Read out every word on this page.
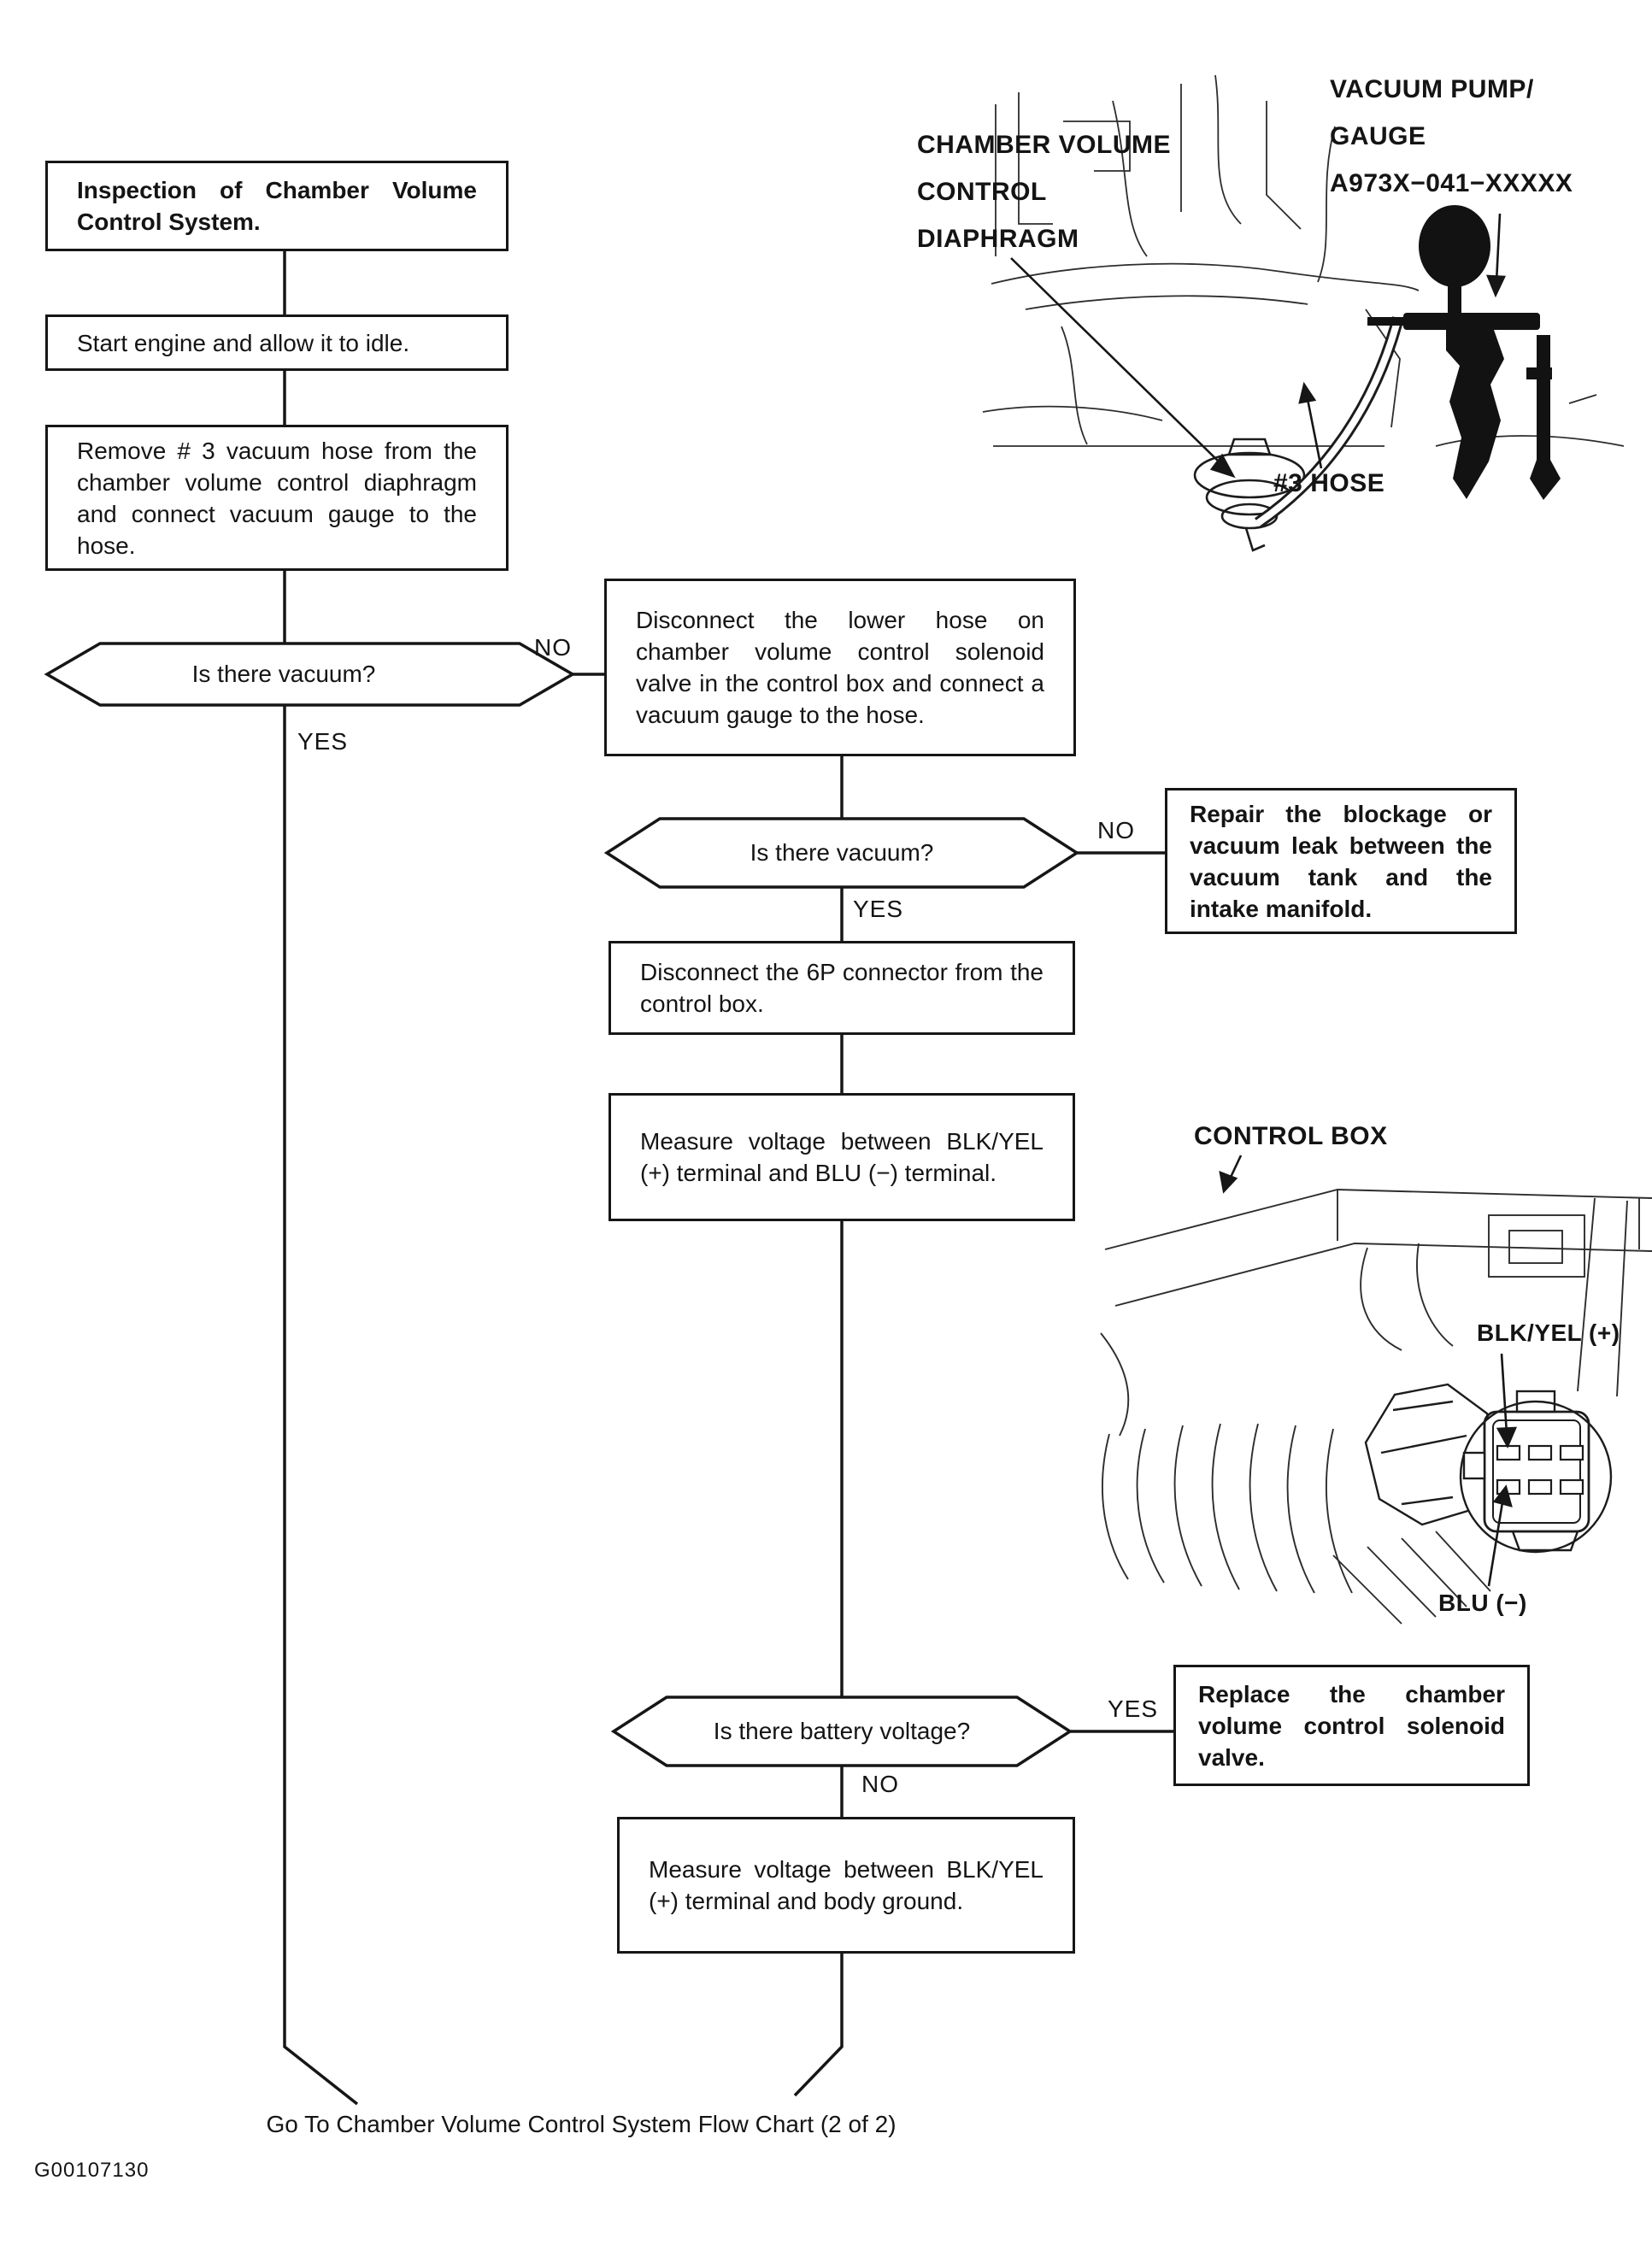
Inspection of Chamber Volume Control System.
Start engine and allow it to idle.
Remove # 3 vacuum hose from the chamber volume control diaphragm and connect vacuum gauge to the hose.
Disconnect the lower hose on chamber volume control solenoid valve in the control box and connect a vacuum gauge to the hose.
Repair the blockage or vacuum leak between the vacuum tank and the intake manifold.
Disconnect the 6P connector from the control box.
Measure voltage between BLK/YEL (+) terminal and BLU (−) terminal.
Replace the chamber volume control solenoid valve.
Measure voltage between BLK/YEL (+) terminal and body ground.
Is there vacuum?
Is there vacuum?
Is there battery voltage?
NO
YES
NO
YES
YES
NO
CHAMBER VOLUME
CONTROL
DIAPHRAGM
VACUUM PUMP/
GAUGE
A973X−041−XXXXX
#3 HOSE
CONTROL BOX
BLK/YEL (+)
BLU (−)
Go To Chamber Volume Control System Flow Chart (2 of 2)
G00107130
